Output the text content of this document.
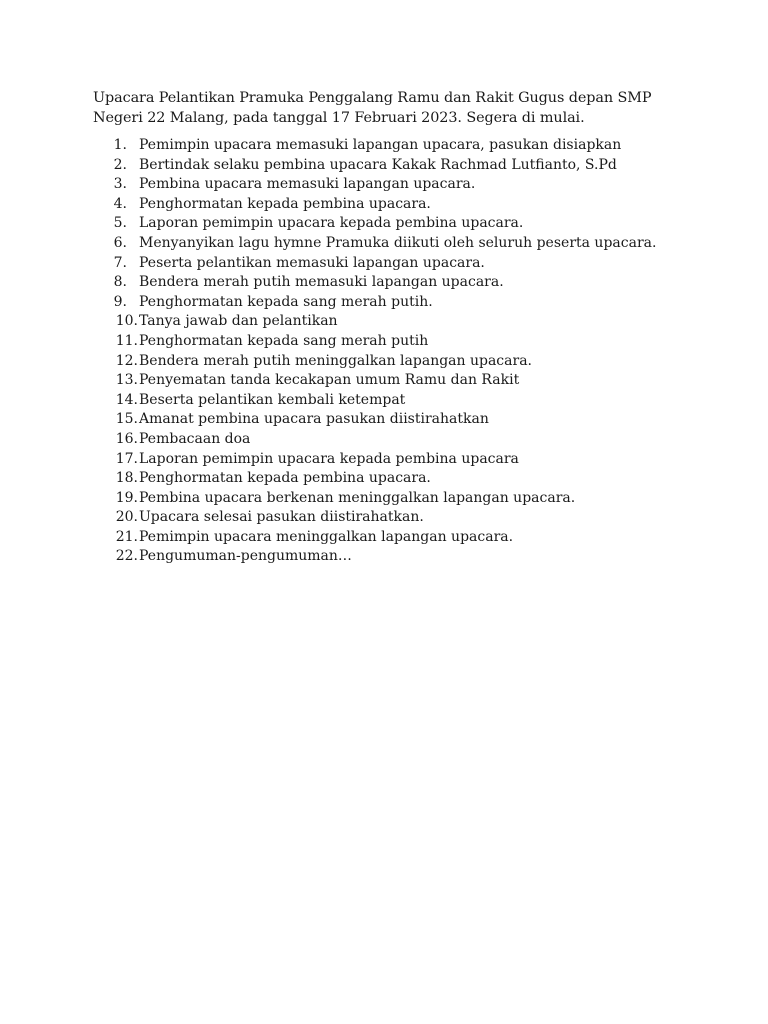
Upacara Pelantikan Pramuka Penggalang Ramu dan Rakit Gugus depan SMP Negeri 22 Malang, pada tanggal 17 Februari 2023. Segera di mulai.

1. Pemimpin upacara memasuki lapangan upacara, pasukan disiapkan
2. Bertindak selaku pembina upacara Kakak Rachmad Lutfianto, S.Pd
3. Pembina upacara memasuki lapangan upacara.
4. Penghormatan kepada pembina upacara.
5. Laporan pemimpin upacara kepada pembina upacara.
6. Menyanyikan lagu hymne Pramuka diikuti oleh seluruh peserta upacara.
7. Peserta pelantikan memasuki lapangan upacara.
8. Bendera merah putih memasuki lapangan upacara.
9. Penghormatan kepada sang merah putih.
10. Tanya jawab dan pelantikan
11. Penghormatan kepada sang merah putih
12. Bendera merah putih meninggalkan lapangan upacara.
13. Penyematan tanda kecakapan umum Ramu dan Rakit
14. Beserta pelantikan kembali ketempat
15. Amanat pembina upacara pasukan diistirahatkan
16. Pembacaan doa
17. Laporan pemimpin upacara kepada pembina upacara
18. Penghormatan kepada pembina upacara.
19. Pembina upacara berkenan meninggalkan lapangan upacara.
20. Upacara selesai pasukan diistirahatkan.
21. Pemimpin upacara meninggalkan lapangan upacara.
22. Pengumuman-pengumuman…
